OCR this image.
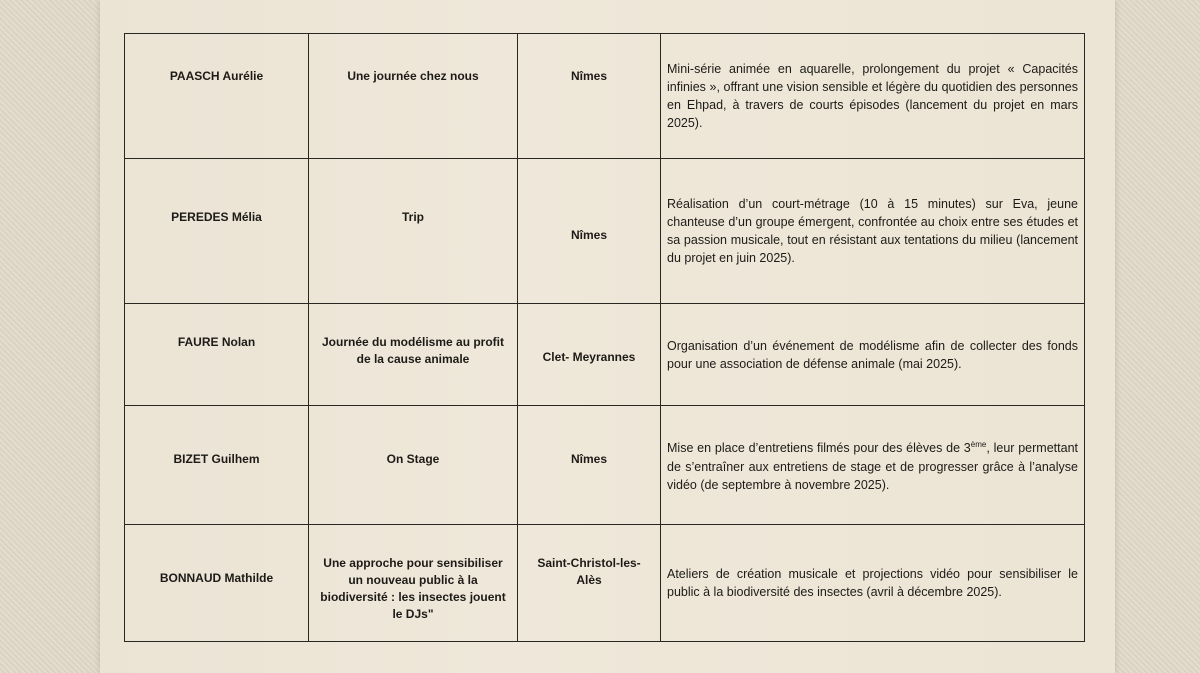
PAASCH Aurélie	Une journée chez nous	Nîmes	Mini-série animée en aquarelle, prolongement du projet « Capacités infinies », offrant une vision sensible et légère du quotidien des personnes en Ehpad, à travers de courts épisodes (lancement du projet en mars 2025).
PEREDES Mélia	Trip	Nîmes	Réalisation d’un court-métrage (10 à 15 minutes) sur Eva, jeune chanteuse d’un groupe émergent, confrontée au choix entre ses études et sa passion musicale, tout en résistant aux tentations du milieu (lancement du projet en juin 2025).
FAURE Nolan	Journée du modélisme au profit de la cause animale	Clet- Meyrannes	Organisation d’un événement de modélisme afin de collecter des fonds pour une association de défense animale (mai 2025).
BIZET Guilhem	On Stage	Nîmes	Mise en place d’entretiens filmés pour des élèves de 3ème, leur permettant de s’entraîner aux entretiens de stage et de progresser grâce à l’analyse vidéo (de septembre à novembre 2025).
BONNAUD Mathilde	Une approche pour sensibiliser un nouveau public à la biodiversité : les insectes jouent le DJs"	Saint-Christol-les-Alès	Ateliers de création musicale et projections vidéo pour sensibiliser le public à la biodiversité des insectes (avril à décembre 2025).
